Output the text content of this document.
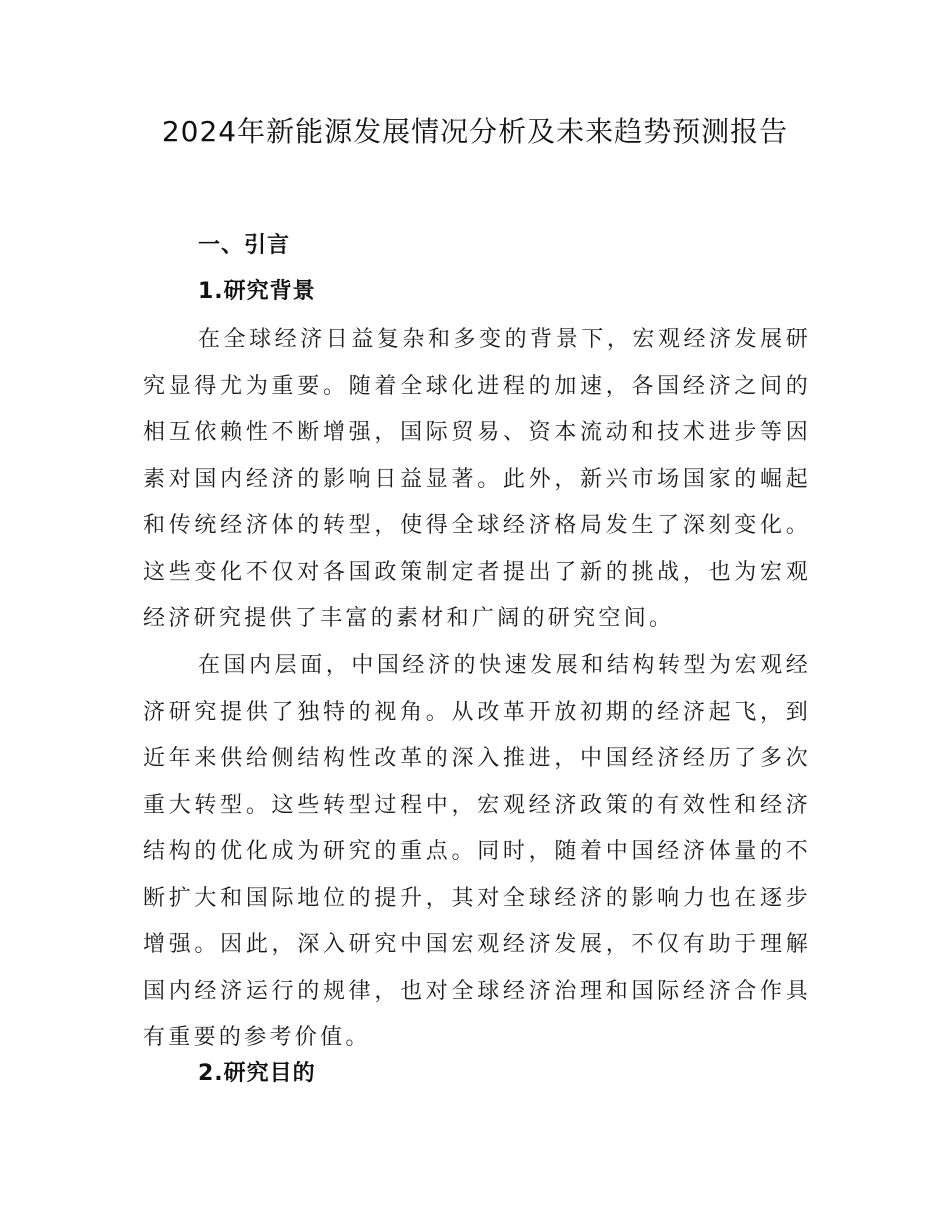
2024年新能源发展情况分析及未来趋势预测报告
一、引言
1.研究背景

在全球经济日益复杂和多变的背景下，宏观经济发展研究显得尤为重要。随着全球化进程的加速，各国经济之间的相互依赖性不断增强，国际贸易、资本流动和技术进步等因素对国内经济的影响日益显著。此外，新兴市场国家的崛起和传统经济体的转型，使得全球经济格局发生了深刻变化。这些变化不仅对各国政策制定者提出了新的挑战，也为宏观经济研究提供了丰富的素材和广阔的研究空间。

在国内层面，中国经济的快速发展和结构转型为宏观经济研究提供了独特的视角。从改革开放初期的经济起飞，到近年来供给侧结构性改革的深入推进，中国经济经历了多次重大转型。这些转型过程中，宏观经济政策的有效性和经济结构的优化成为研究的重点。同时，随着中国经济体量的不断扩大和国际地位的提升，其对全球经济的影响力也在逐步增强。因此，深入研究中国宏观经济发展，不仅有助于理解国内经济运行的规律，也对全球经济治理和国际经济合作具有重要的参考价值。

2.研究目的
